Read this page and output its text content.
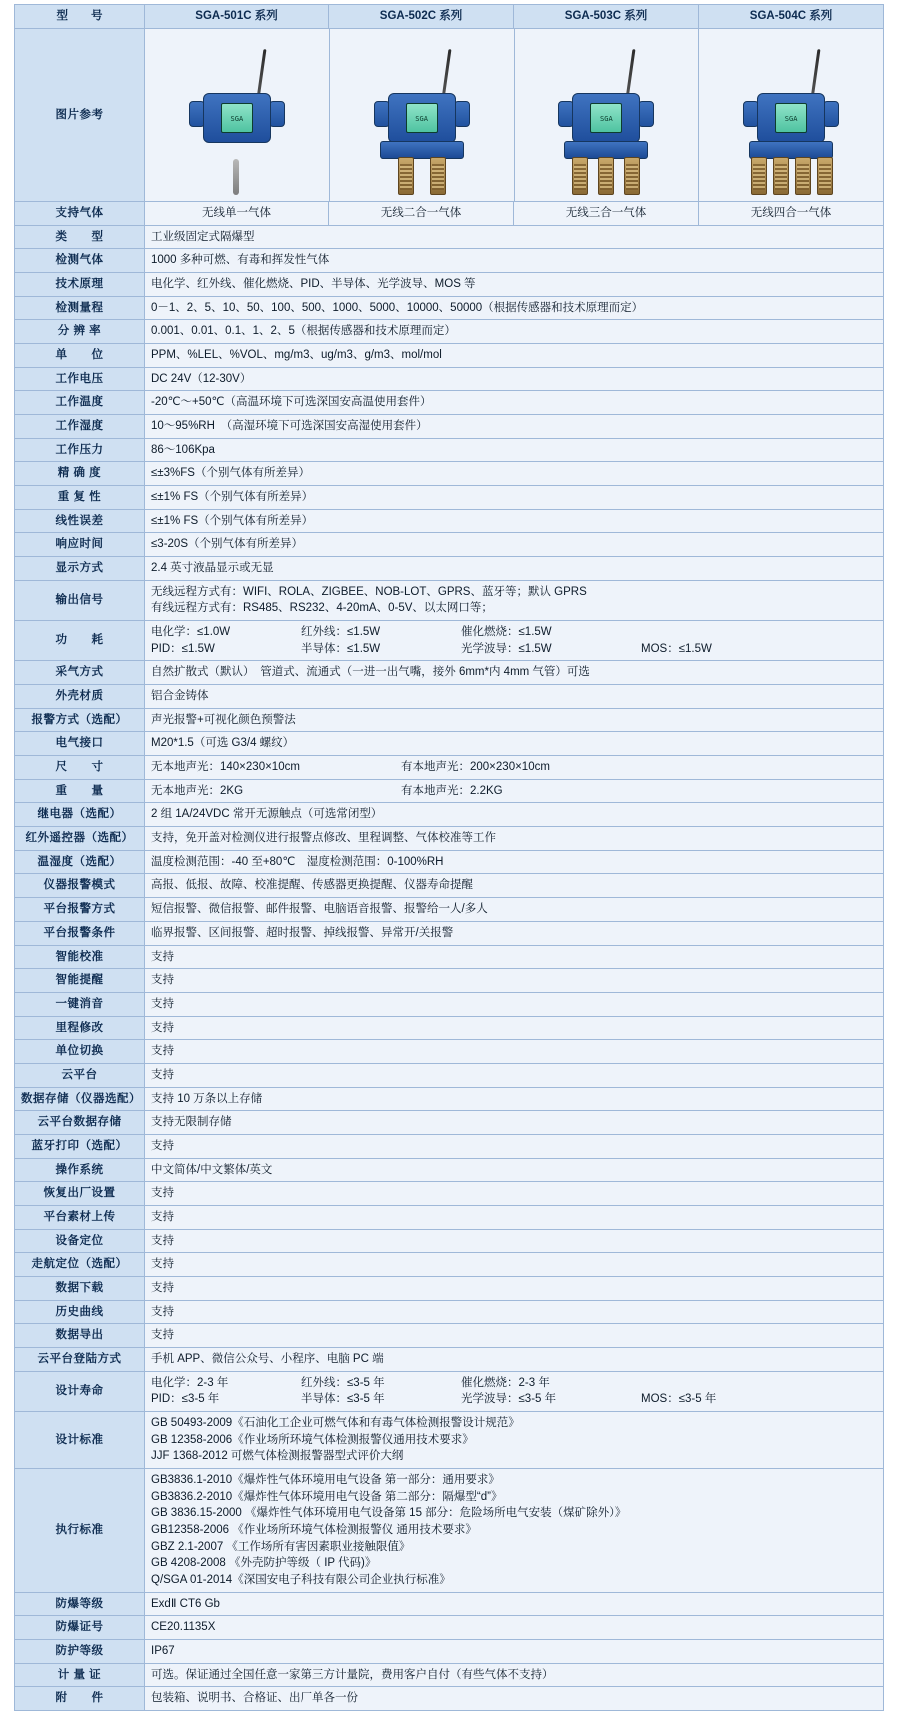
型　　号	SGA-501C 系列	SGA-502C 系列	SGA-503C 系列	SGA-504C 系列
图片参考	SGA SGA SGA SGA			

支持气体	无线单一气体	无线二合一气体	无线三合一气体	无线四合一气体
类　　型	工业级固定式隔爆型			
检测气体	1000 多种可燃、有毒和挥发性气体			
技术原理	电化学、红外线、催化燃烧、PID、半导体、光学波导、MOS 等			
检测量程	0－1、2、5、10、50、100、500、1000、5000、10000、50000（根据传感器和技术原理而定）			
分 辨 率	0.001、0.01、0.1、1、2、5（根据传感器和技术原理而定）			
单　　位	PPM、%LEL、%VOL、mg/m3、ug/m3、g/m3、mol/mol			
工作电压	DC 24V（12-30V）			
工作温度	-20℃～+50℃（高温环境下可选深国安高温使用套件）			
工作湿度	10～95%RH　（高湿环境下可选深国安高湿使用套件）			
工作压力	86～106Kpa			
精 确 度	≤±3%FS（个别气体有所差异）			
重 复 性	≤±1% FS（个别气体有所差异）			
线性误差	≤±1% FS（个别气体有所差异）			
响应时间	≤3-20S（个别气体有所差异）			
显示方式	2.4 英寸液晶显示或无显			
输出信号	无线远程方式有：WIFI、ROLA、ZIGBEE、NOB-LOT、GPRS、蓝牙等；默认 GPRS
有线远程方式有：RS485、RS232、4-20mA、0-5V、以太网口等；			

功　　耗	
电化学：≤1.0W	红外线：≤1.5W	催化燃烧：≤1.5W
PID：≤1.5W	半导体：≤1.5W	光学波导：≤1.5W	MOS：≤1.5W

采气方式	自然扩散式（默认）　管道式、流通式（一进一出气嘴，接外 6mm*内 4mm 气管）可选			
外壳材质	铝合金铸体			
报警方式（选配）	声光报警+可视化颜色预警法			
电气接口	M20*1.5（可选 G3/4 螺纹）			
尺　　寸	无本地声光：140×230×10cm 有本地声光：200×230×10cm			

重　　量	无本地声光：2KG 有本地声光：2.2KG			

继电器（选配）	2 组 1A/24VDC 常开无源触点（可选常闭型）			
红外遥控器（选配）	支持，免开盖对检测仪进行报警点修改、里程调整、气体校准等工作			
温湿度（选配）	温度检测范围：-40 至+80℃　湿度检测范围：0-100%RH			
仪器报警模式	高报、低报、故障、校准提醒、传感器更换提醒、仪器寿命提醒			
平台报警方式	短信报警、微信报警、邮件报警、电脑语音报警、报警给一人/多人			
平台报警条件	临界报警、区间报警、超时报警、掉线报警、异常开/关报警			
智能校准	支持			
智能提醒	支持			
一键消音	支持			
里程修改	支持			
单位切换	支持			
云平台	支持			
数据存储（仪器选配）	支持 10 万条以上存储			
云平台数据存储	支持无限制存储			
蓝牙打印（选配）	支持			
操作系统	中文简体/中文繁体/英文			
恢复出厂设置	支持			
平台素材上传	支持			
设备定位	支持			
走航定位（选配）	支持			
数据下载	支持			
历史曲线	支持			
数据导出	支持			
云平台登陆方式	手机 APP、微信公众号、小程序、电脑 PC 端			
设计寿命	
电化学：2-3 年	红外线：≤3-5 年	催化燃烧：2-3 年
PID：≤3-5 年	半导体：≤3-5 年	光学波导：≤3-5 年	MOS：≤3-5 年

设计标准	GB 50493-2009《石油化工企业可燃气体和有毒气体检测报警设计规范》
GB 12358-2006《作业场所环境气体检测报警仪通用技术要求》
JJF 1368-2012 可燃气体检测报警器型式评价大纲			

执行标准	
GB3836.1-2010《爆炸性气体环境用电气设备 第一部分：通用要求》
GB3836.2-2010《爆炸性气体环境用电气设备 第二部分：隔爆型“d”》
GB 3836.15-2000 《爆炸性气体环境用电气设备第 15 部分：危险场所电气安装（煤矿除外）》
GB12358-2006 《作业场所环境气体检测报警仪 通用技术要求》
GBZ 2.1-2007 《工作场所有害因素职业接触限值》
GB 4208-2008 《外壳防护等级（ IP 代码)》
Q/SGA 01-2014《深国安电子科技有限公司企业执行标准》

防爆等级	ExdⅡ CT6 Gb			
防爆证号	CE20.1135X			
防护等级	IP67			
计 量 证	可选。保证通过全国任意一家第三方计量院，费用客户自付（有些气体不支持）			
附　　件	包装箱、说明书、合格证、出厂单各一份			
